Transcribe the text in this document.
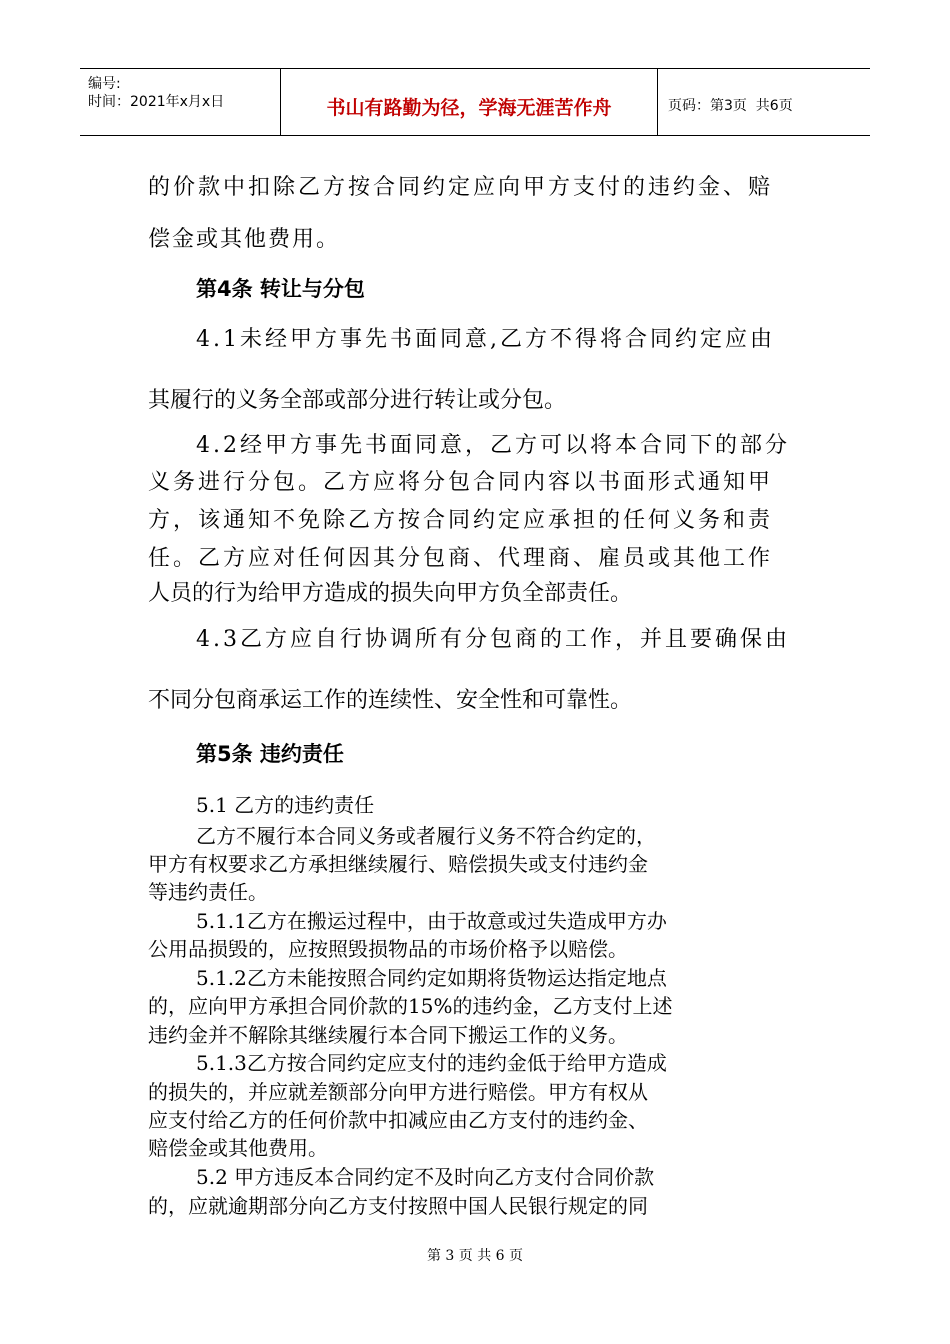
编号:
时间：2021年x月x日	书山有路勤为径，学海无涯苦作舟	页码：第3页  共6页
的价款中扣除乙方按合同约定应向甲方支付的违约金、赔
偿金或其他费用。
第4条 转让与分包
4.1未经甲方事先书面同意,乙方不得将合同约定应由
其履行的义务全部或部分进行转让或分包。
4.2经甲方事先书面同意，乙方可以将本合同下的部分
义务进行分包。乙方应将分包合同内容以书面形式通知甲
方，该通知不免除乙方按合同约定应承担的任何义务和责
任。乙方应对任何因其分包商、代理商、雇员或其他工作
人员的行为给甲方造成的损失向甲方负全部责任。
4.3乙方应自行协调所有分包商的工作，并且要确保由
不同分包商承运工作的连续性、安全性和可靠性。
第5条 违约责任
5.1 乙方的违约责任
乙方不履行本合同义务或者履行义务不符合约定的，
甲方有权要求乙方承担继续履行、赔偿损失或支付违约金
等违约责任。
5.1.1乙方在搬运过程中，由于故意或过失造成甲方办
公用品损毁的，应按照毁损物品的市场价格予以赔偿。
5.1.2乙方未能按照合同约定如期将货物运达指定地点
的，应向甲方承担合同价款的15%的违约金，乙方支付上述
违约金并不解除其继续履行本合同下搬运工作的义务。
5.1.3乙方按合同约定应支付的违约金低于给甲方造成
的损失的，并应就差额部分向甲方进行赔偿。甲方有权从
应支付给乙方的任何价款中扣减应由乙方支付的违约金、
赔偿金或其他费用。
5.2 甲方违反本合同约定不及时向乙方支付合同价款
的，应就逾期部分向乙方支付按照中国人民银行规定的同
第 3 页 共 6 页
